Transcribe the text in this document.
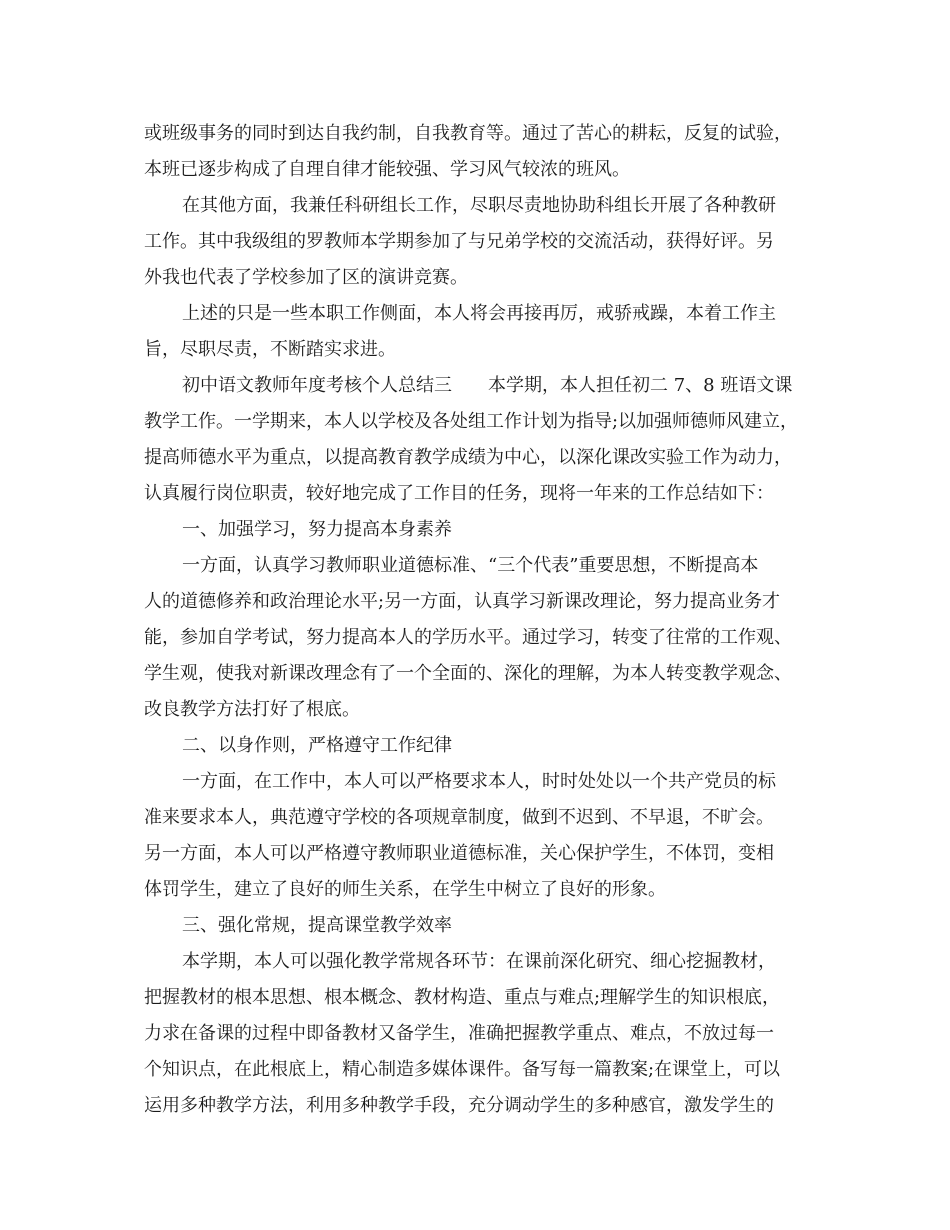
或班级事务的同时到达自我约制，自我教育等。通过了苦心的耕耘，反复的试验，
本班已逐步构成了自理自律才能较强、学习风气较浓的班风。
在其他方面，我兼任科研组长工作，尽职尽责地协助科组长开展了各种教研
工作。其中我级组的罗教师本学期参加了与兄弟学校的交流活动，获得好评。另
外我也代表了学校参加了区的演讲竞赛。
上述的只是一些本职工作侧面，本人将会再接再厉，戒骄戒躁，本着工作主
旨，尽职尽责，不断踏实求进。
初中语文教师年度考核个人总结三　　本学期，本人担任初二 7、8 班语文课
教学工作。一学期来，本人以学校及各处组工作计划为指导;以加强师德师风建立，
提高师德水平为重点，以提高教育教学成绩为中心，以深化课改实验工作为动力，
认真履行岗位职责，较好地完成了工作目的任务，现将一年来的工作总结如下：
一、加强学习，努力提高本身素养
一方面，认真学习教师职业道德标准、“三个代表”重要思想，不断提高本
人的道德修养和政治理论水平;另一方面，认真学习新课改理论，努力提高业务才
能，参加自学考试，努力提高本人的学历水平。通过学习，转变了往常的工作观、
学生观，使我对新课改理念有了一个全面的、深化的理解，为本人转变教学观念、
改良教学方法打好了根底。
二、以身作则，严格遵守工作纪律
一方面，在工作中，本人可以严格要求本人，时时处处以一个共产党员的标
准来要求本人，典范遵守学校的各项规章制度，做到不迟到、不早退，不旷会。
另一方面，本人可以严格遵守教师职业道德标准，关心保护学生，不体罚，变相
体罚学生，建立了良好的师生关系，在学生中树立了良好的形象。
三、强化常规，提高课堂教学效率
本学期，本人可以强化教学常规各环节：在课前深化研究、细心挖掘教材，
把握教材的根本思想、根本概念、教材构造、重点与难点;理解学生的知识根底，
力求在备课的过程中即备教材又备学生，准确把握教学重点、难点，不放过每一
个知识点，在此根底上，精心制造多媒体课件。备写每一篇教案;在课堂上，可以
运用多种教学方法，利用多种教学手段，充分调动学生的多种感官，激发学生的
